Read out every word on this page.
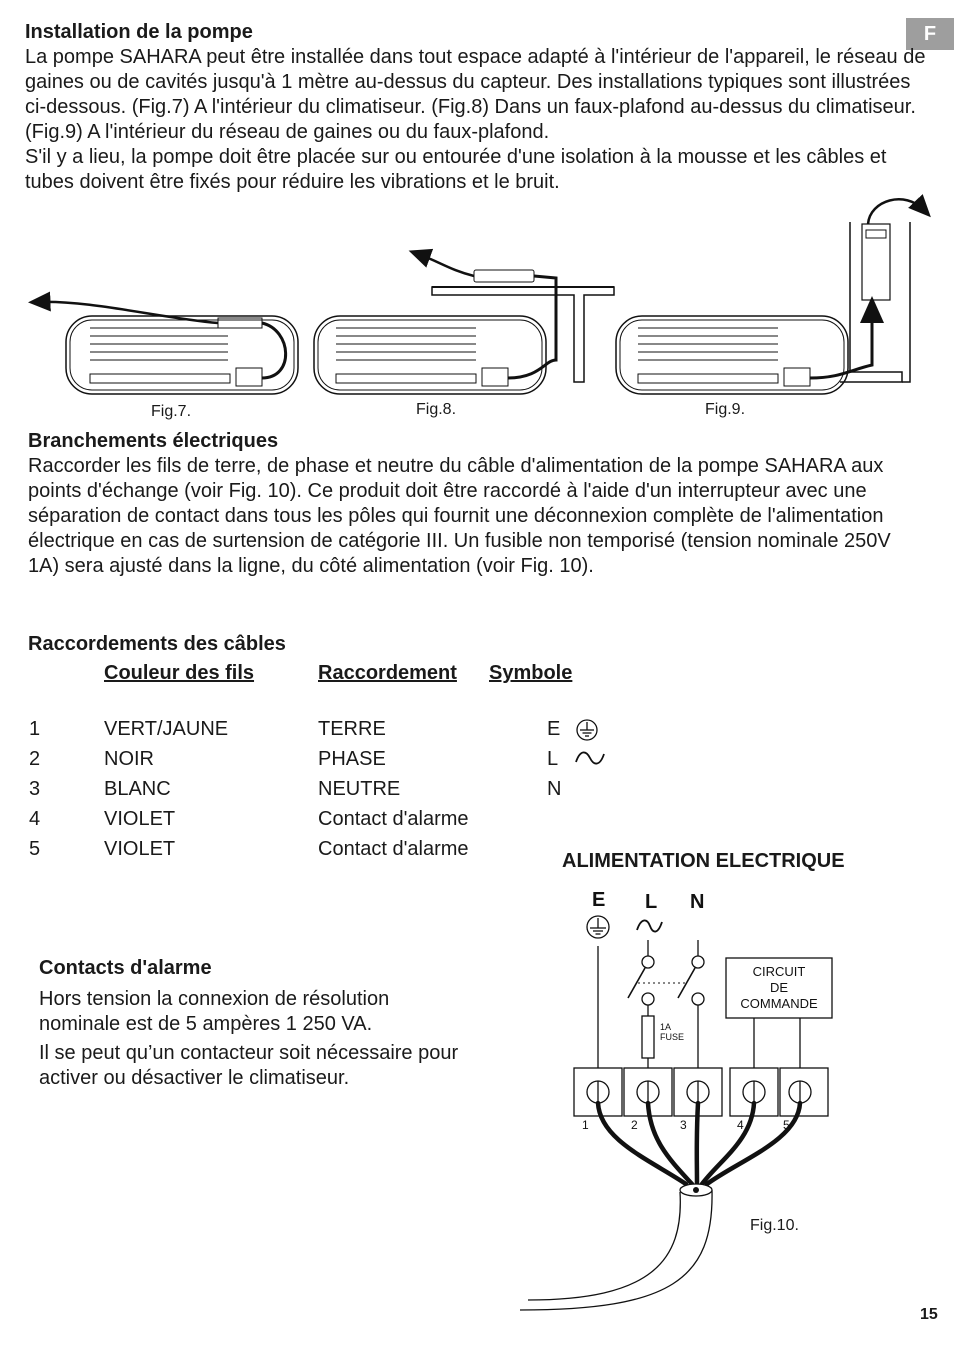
F
Installation de la pompe

La pompe SAHARA peut être installée dans tout espace adapté à l'intérieur de l'appareil, le réseau de gaines ou de cavités jusqu'à 1 mètre au-dessus du capteur. Des installations typiques sont illustrées ci-dessous. (Fig.7) A l'intérieur du climatiseur. (Fig.8) Dans un faux-plafond au-dessus du climatiseur. (Fig.9) A l'intérieur du réseau de gaines ou du faux-plafond.

S'il y a lieu, la pompe doit être placée sur ou entourée d'une isolation à la mousse et les câbles et tubes doivent être fixés pour réduire les vibrations et le bruit.

Fig.7.	Fig.8.	Fig.9.
Branchements électriques

Raccorder les fils de terre, de phase et neutre du câble d'alimentation de la pompe SAHARA aux points d'échange (voir Fig. 10). Ce produit doit être raccordé à l'aide d'un interrupteur avec une séparation de contact dans tous les pôles qui fournit une déconnexion complète de l'alimentation électrique en cas de surtension de catégorie III. Un fusible non temporisé (tension nominale 250V 1A) sera ajusté dans la ligne, du côté alimentation (voir Fig. 10).

Raccordements des câbles
Couleur des fils	Raccordement Symbole
1	VERT/JAUNE	TERRE	E
2	NOIR	PHASE	L
3	BLANC	NEUTRE	N
4	VIOLET	Contact d'alarme
5	VIOLET	Contact d'alarme
Contacts d'alarme

Hors tension la connexion de résolution nominale est de 5 ampères 1 250 VA.

Il se peut qu’un contacteur soit nécessaire pour activer ou désactiver le climatiseur.

ALIMENTATION ELECTRIQUE
E L N
1A
FUSE
CIRCUIT
DE
COMMANDE
1	2	3	4	5
Fig.10.
15
